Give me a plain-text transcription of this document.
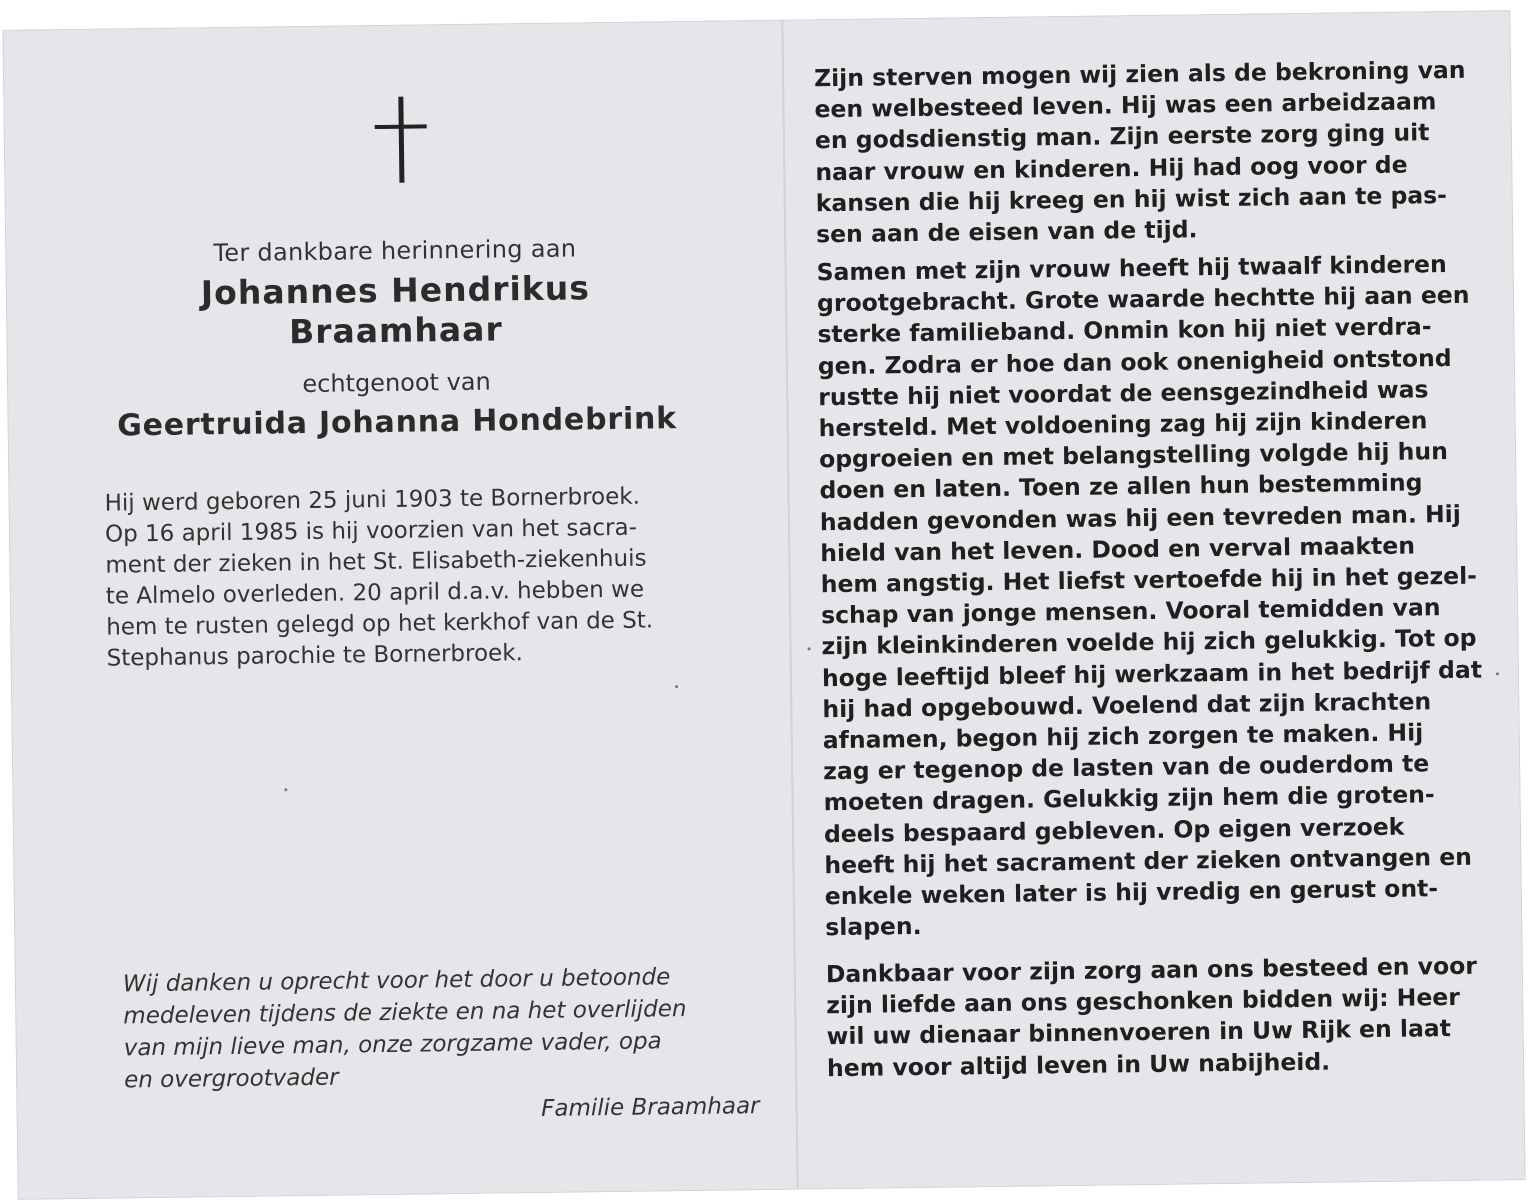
Ter dankbare herinnering aan
Johannes Hendrikus
Braamhaar
echtgenoot van
Geertruida Johanna Hondebrink
Hij werd geboren 25 juni 1903 te Bornerbroek.
Op 16 april 1985 is hij voorzien van het sacra-
ment der zieken in het St. Elisabeth-ziekenhuis
te Almelo overleden. 20 april d.a.v. hebben we
hem te rusten gelegd op het kerkhof van de St.
Stephanus parochie te Bornerbroek.
Wij danken u oprecht voor het door u betoonde
medeleven tijdens de ziekte en na het overlijden
van mijn lieve man, onze zorgzame vader, opa
en overgrootvader
Familie Braamhaar
Zijn sterven mogen wij zien als de bekroning van
een welbesteed leven. Hij was een arbeidzaam
en godsdienstig man. Zijn eerste zorg ging uit
naar vrouw en kinderen. Hij had oog voor de
kansen die hij kreeg en hij wist zich aan te pas-
sen aan de eisen van de tijd.
Samen met zijn vrouw heeft hij twaalf kinderen
grootgebracht. Grote waarde hechtte hij aan een
sterke familieband. Onmin kon hij niet verdra-
gen. Zodra er hoe dan ook onenigheid ontstond
rustte hij niet voordat de eensgezindheid was
hersteld. Met voldoening zag hij zijn kinderen
opgroeien en met belangstelling volgde hij hun
doen en laten. Toen ze allen hun bestemming
hadden gevonden was hij een tevreden man. Hij
hield van het leven. Dood en verval maakten
hem angstig. Het liefst vertoefde hij in het gezel-
schap van jonge mensen. Vooral temidden van
zijn kleinkinderen voelde hij zich gelukkig. Tot op
hoge leeftijd bleef hij werkzaam in het bedrijf dat
hij had opgebouwd. Voelend dat zijn krachten
afnamen, begon hij zich zorgen te maken. Hij
zag er tegenop de lasten van de ouderdom te
moeten dragen. Gelukkig zijn hem die groten-
deels bespaard gebleven. Op eigen verzoek
heeft hij het sacrament der zieken ontvangen en
enkele weken later is hij vredig en gerust ont-
slapen.
Dankbaar voor zijn zorg aan ons besteed en voor
zijn liefde aan ons geschonken bidden wij: Heer
wil uw dienaar binnenvoeren in Uw Rijk en laat
hem voor altijd leven in Uw nabijheid.
